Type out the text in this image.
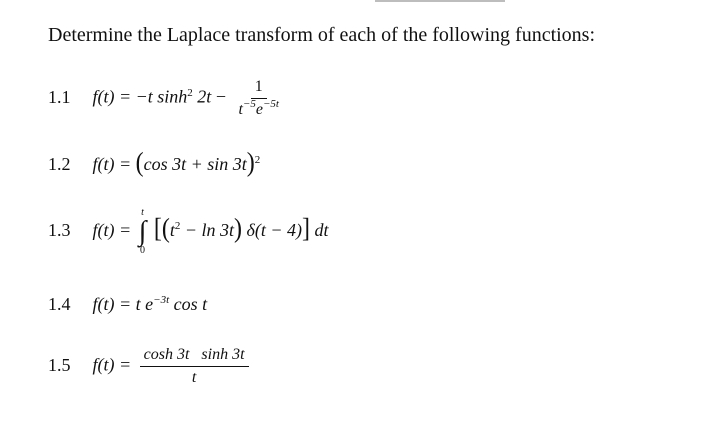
Determine the Laplace transform of each of the following functions:
1.1 f(t) = −t $\sinh^2 2t - \frac{1}{t^{-5}e^{-5t}}$
1.2 f(t) = (cos 3t + sin 3t)$^2$
1.3 f(t) =
t
∫
0
$[(t^2 - \ln 3t) \delta(t - 4)]$ dt
1.4 f(t) = t $e^{-3t}$ cos t
1.5 $f(t) = \frac{\text{cosh 3t   sinh 3t}}{t}$
